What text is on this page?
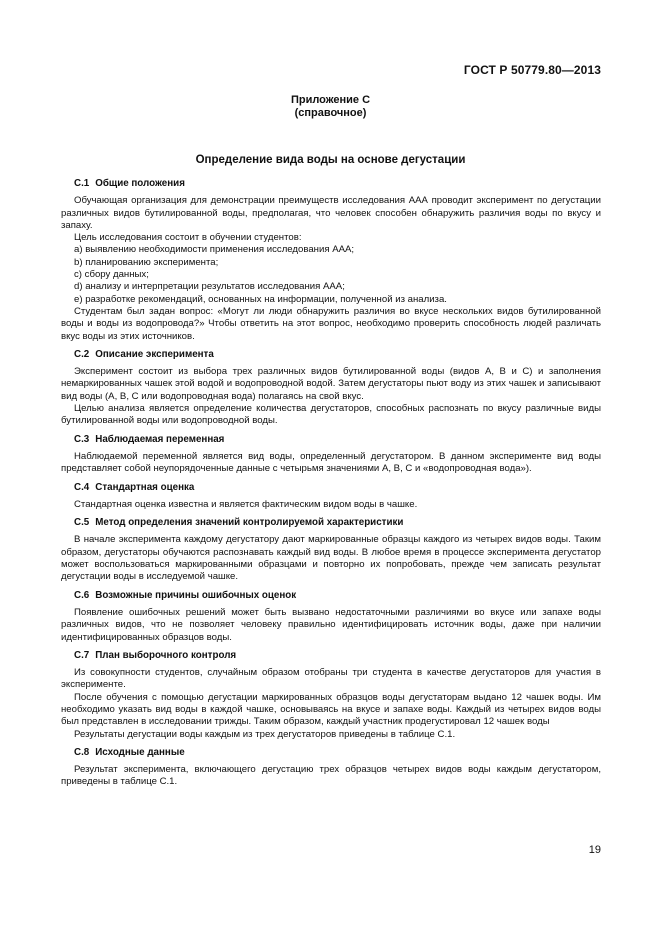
ГОСТ Р 50779.80—2013
Приложение С
(справочное)
Определение вида воды на основе дегустации
С.1 Общие положения

Обучающая организация для демонстрации преимуществ исследования ААА проводит эксперимент по дегустации различных видов бутилированной воды, предполагая, что человек способен обнаружить различия воды по вкусу и запаху.

Цель исследования состоит в обучении студентов:

а) выявлению необходимости применения исследования ААА;
b) планированию эксперимента;
с) сбору данных;
d) анализу и интерпретации результатов исследования ААА;
е) разработке рекомендаций, основанных на информации, полученной из анализа.

Студентам был задан вопрос: «Могут ли люди обнаружить различия во вкусе нескольких видов бутилированной воды и воды из водопровода?» Чтобы ответить на этот вопрос, необходимо проверить способность людей различать вкус воды из этих источников.

С.2 Описание эксперимента

Эксперимент состоит из выбора трех различных видов бутилированной воды (видов А, В и С) и заполнения немаркированных чашек этой водой и водопроводной водой. Затем дегустаторы пьют воду из этих чашек и записывают вид воды (А, В, С или водопроводная вода) полагаясь на свой вкус.

Целью анализа является определение количества дегустаторов, способных распознать по вкусу различные виды бутилированной воды или водопроводной воды.

С.3 Наблюдаемая переменная

Наблюдаемой переменной является вид воды, определенный дегустатором. В данном эксперименте вид воды представляет собой неупорядоченные данные с четырьмя значениями А, В, С и «водопроводная вода»).

С.4 Стандартная оценка

Стандартная оценка известна и является фактическим видом воды в чашке.

С.5 Метод определения значений контролируемой характеристики

В начале эксперимента каждому дегустатору дают маркированные образцы каждого из четырех видов воды. Таким образом, дегустаторы обучаются распознавать каждый вид воды. В любое время в процессе эксперимента дегустатор может воспользоваться маркированными образцами и повторно их попробовать, прежде чем записать результат дегустации воды в исследуемой чашке.

С.6 Возможные причины ошибочных оценок

Появление ошибочных решений может быть вызвано недостаточными различиями во вкусе или запахе воды различных видов, что не позволяет человеку правильно идентифицировать источник воды, даже при наличии идентифицированных образцов воды.

С.7 План выборочного контроля

Из совокупности студентов, случайным образом отобраны три студента в качестве дегустаторов для участия в эксперименте.

После обучения с помощью дегустации маркированных образцов воды дегустаторам выдано 12 чашек воды. Им необходимо указать вид воды в каждой чашке, основываясь на вкусе и запахе воды. Каждый из четырех видов воды был представлен в исследовании трижды. Таким образом, каждый участник продегустировал 12 чашек воды

Результаты дегустации воды каждым из трех дегустаторов приведены в таблице С.1.

С.8 Исходные данные

Результат эксперимента, включающего дегустацию трех образцов четырех видов воды каждым дегустатором, приведены в таблице С.1.

19
